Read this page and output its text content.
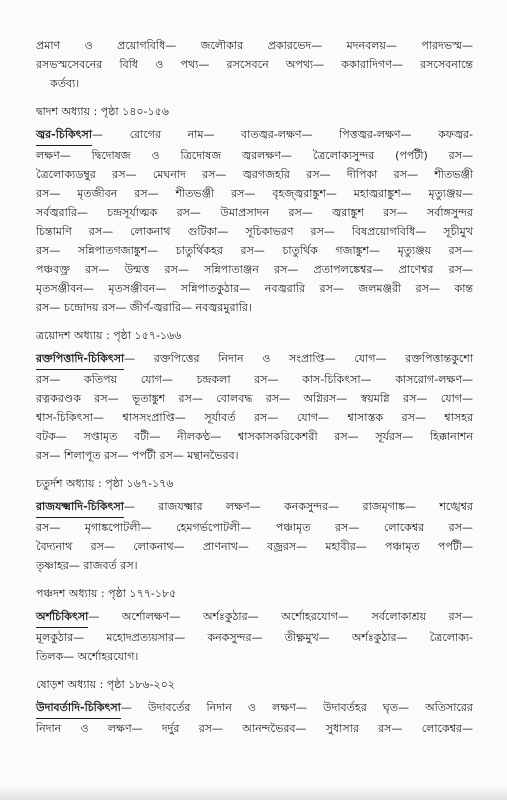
প্রমাণ ও প্রয়োগবিধি— জলৌকার প্রকারভেদ— মদনবলয়— পারদভস্ম—
রসভস্মসেবনের বিধি ও পথ্য— রসসেবনে অপথ্য— ককারাদিগণ— রসসেবনান্তে
কর্তব্য।
দ্বাদশ অধ্যায় : পৃষ্ঠা ১৪০-১৫৬
জ্বর-চিকিৎসা— রোগের নাম— বাতজ্বর-লক্ষণ— পিত্তজ্বর-লক্ষণ— কফজ্বর-
লক্ষণ— দ্বিদোষজ ও ত্রিদোষজ জ্বরলক্ষণ— ত্রৈলোক্যসুন্দর (পর্পটী) রস—
ত্রৈলোক্যডম্বুর রস— মেঘনাদ রস— জ্বরগজহরি রস— দীপিকা রস— শীতভঞ্জী
রস— মৃতজীবন রস— শীতভঞ্জী রস— বৃহজ্জ্বরাঙ্কুশ— মহাজ্বরাঙ্কুশ— মৃত্যুঞ্জয়—
সর্বজ্বরারি— চন্দ্রসূর্যাত্মক রস— উমাপ্রসাদন রস— জ্বরাঙ্কুশ রস— সর্বাঙ্গসুন্দর
চিন্তামণি রস— লোকনাথ গুটিকা— সূচিকাভরণ রস— বিষপ্রয়োগবিধি— সূচীমুখ
রস— সন্নিপাতগজাঙ্কুশ— চাতুর্থিকহর রস— চাতুর্থিক গজাঙ্কুশ— মৃত্যুঞ্জয় রস—
পঞ্চবক্ত্র রস— উন্মত্ত রস— সন্নিপাতাঞ্জন রস— প্রতাপলঙ্কেশ্বর— প্রাণেশ্বর রস—
মৃতসঞ্জীবন— মৃতসঞ্জীবন— সন্নিপাতকুঠার— নবজ্বরারি রস— জলমঞ্জরী রস— কান্ত
রস— চন্দ্রোদয় রস— জীর্ণ-জ্বরারি— নবজ্বরমুরারি।
ত্রয়োদশ অধ্যায় : পৃষ্ঠা ১৫৭-১৬৬
রক্তপিত্তাদি-চিকিৎসা— রক্তপিত্তের নিদান ও সংপ্রাপ্তি— যোগ— রক্তপিত্তান্তকুশো
রস— কতিপয় যোগ— চন্দ্রকলা রস— কাস-চিকিৎসা— কাসরোগ-লক্ষণ—
রত্নকরণ্ডক রস— ভূতাঙ্কুশ রস— বোলবদ্ধ রস— অগ্নিরস— স্বয়মগ্নি রস— যোগ—
শ্বাস-চিকিৎসা— শ্বাসসংপ্রাপ্তি— সূর্যাবর্ত রস— যোগ— শ্বাসাস্তক রস— শ্বাসহর
বটক— সপ্তামৃত বটী— নীলকণ্ঠ— শ্বাসকাসকরিকেশরী রস— সূর্যরস— হিক্কানাশন
রস— শিলাপূত রস— পর্পটী রস— মন্থানভৈরব।
চতুর্দশ অধ্যায় : পৃষ্ঠা ১৬৭-১৭৬
রাজযক্ষ্মাদি-চিকিৎসা— রাজযক্ষ্মার লক্ষণ— কনকসুন্দর— রাজমৃগাঙ্ক— শঙ্খেশ্বর
রস— মৃগাঙ্কপোটলী— হেমগর্ভপোটলী— পঞ্চামৃত রস— লোকেশ্বর রস—
বৈদ্যনাথ রস— লোকনাথ— প্রাণনাথ— বজ্ররস— মহাবীর— পঞ্চামৃত পর্পটী—
তৃষ্ণাহর— রাজবর্ত রস।
পঞ্চদশ অধ্যায় : পৃষ্ঠা ১৭৭-১৮৫
অর্শচিকিৎসা— অর্শোলক্ষণ— অর্শঃকুঠার— অর্শোহরযোগ— সর্বলোকাশ্রয় রস—
মূলকুঠার— মহোদপ্রত্যয়সার— কনকসুন্দর— তীক্ষ্ণমুখ— অর্শঃকুঠার— ত্রৈলোক্য-
তিলক— অর্শোহরযোগ।
ষোড়শ অধ্যায় : পৃষ্ঠা ১৮৬-২০২
উদাবর্তাদি-চিকিৎসা— উদাবর্তের নিদান ও লক্ষণ— উদাবর্তহর ঘৃত— অতিসারের
নিদান ও লক্ষণ— দর্দুর রস— আনন্দভৈরব— সুধাসার রস— লোকেশ্বর—
